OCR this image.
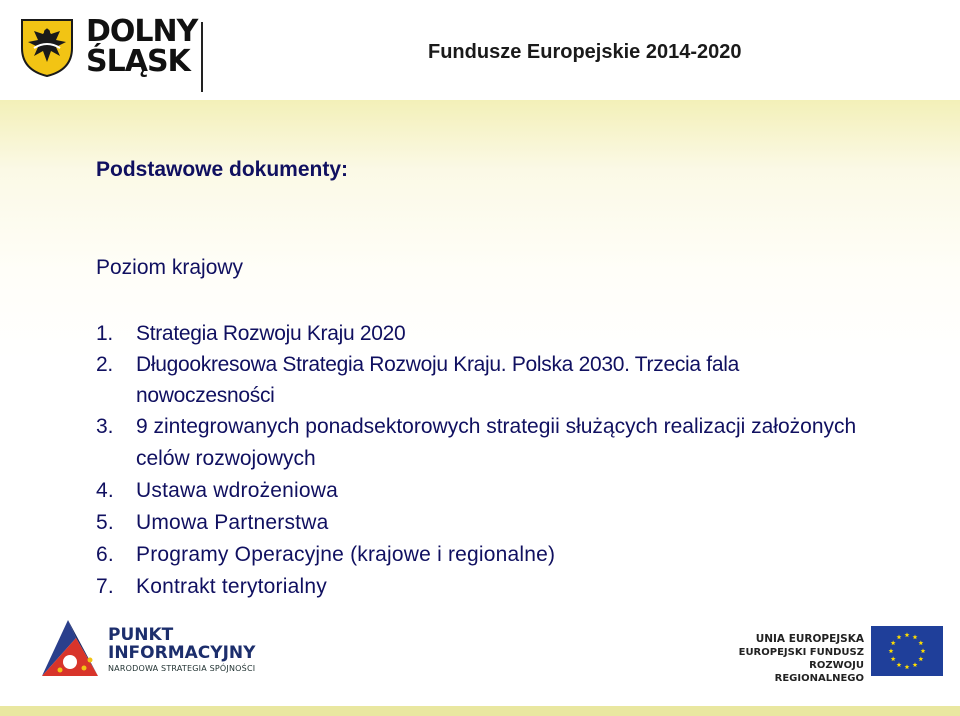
DOLNY
ŚLĄSK	Fundusze Europejskie 2014-2020
Podstawowe dokumenty:
Poziom krajowy
1.	Strategia Rozwoju Kraju 2020
2.	Długookresowa Strategia Rozwoju Kraju. Polska 2030. Trzecia fala nowoczesności
3.	9 zintegrowanych ponadsektorowych strategii służących realizacji założonych celów rozwojowych
4.	Ustawa wdrożeniowa
5.	Umowa Partnerstwa
6.	Programy Operacyjne (krajowe i regionalne)
7.	Kontrakt terytorialny
PUNKT
INFORMACYJNY
NARODOWA STRATEGIA SPÓJNOŚCI
UNIA EUROPEJSKA
EUROPEJSKI FUNDUSZ
ROZWOJU REGIONALNEGO
